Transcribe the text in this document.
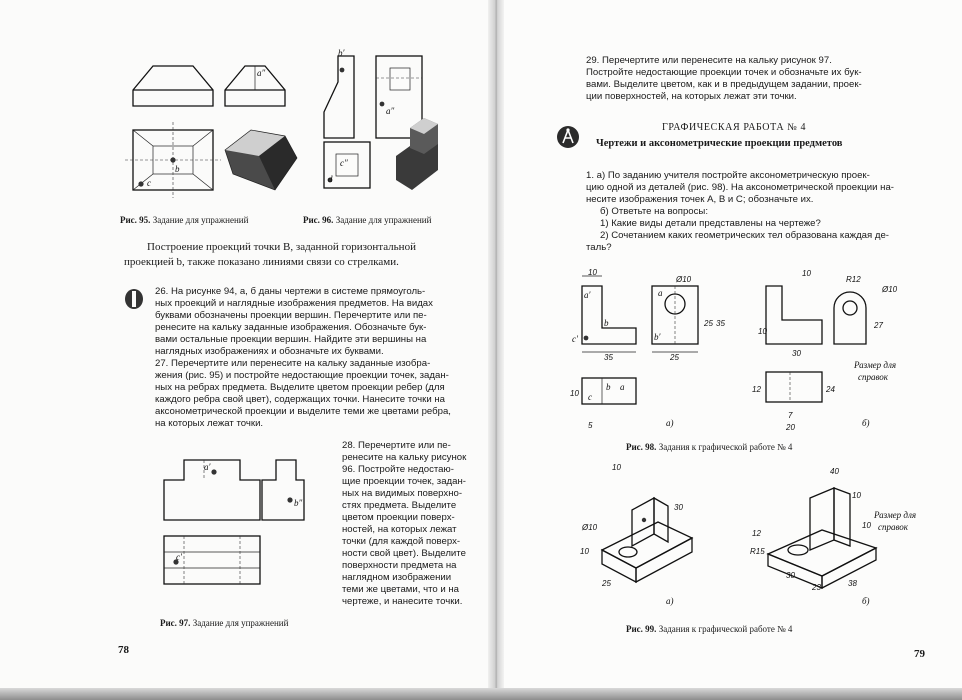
a″
b
c
b′
a″
d
c″
Рис. 95. Задание для упражнений	Рис. 96. Задание для упражнений

Построение проекций точки B, заданной горизонтальной

проекцией b, также показано линиями связи со стрелками.

26. На рисунке 94, а, б даны чертежи в системе прямоуголь-

ных проекций и наглядные изображения предметов. На видах

буквами обозначены проекции вершин. Перечертите или пе-

ренесите на кальку заданные изображения. Обозначьте бук-

вами остальные проекции вершин. Найдите эти вершины на

наглядных изображениях и обозначьте их буквами.

27. Перечертите или перенесите на кальку заданные изобра-

жения (рис. 95) и постройте недостающие проекции точек, задан-

ных на ребрах предмета. Выделите цветом проекции ребер (для

каждого ребра свой цвет), содержащих точки. Нанесите точки на

аксонометрической проекции и выделите теми же цветами ребра,

на которых лежат точки.

a′
b″
c′

28. Перечертите или пе-

ренесите на кальку рисунок

96. Постройте недостаю-

щие проекции точек, задан-

ных на видимых поверхно-

стях предмета. Выделите

цветом проекции поверх-

ностей, на которых лежат

точки (для каждой поверх-

ности свой цвет). Выделите

поверхности предмета на

наглядном изображении

теми же цветами, что и на

чертеже, и нанесите точки.

Рис. 97. Задание для упражнений
78

29. Перечертите или перенесите на кальку рисунок 97.

Постройте недостающие проекции точек и обозначьте их бук-

вами. Выделите цветом, как и в предыдущем задании, проек-

ции поверхностей, на которых лежат эти точки.

ГРАФИЧЕСКАЯ РАБОТА № 4
Чертежи и аксонометрические проекции предметов

1. а) По заданию учителя постройте аксонометрическую проек-

цию одной из деталей (рис. 98). На аксонометрической проекции на-

несите изображения точек A, B и C; обозначьте их.

б) Ответьте на вопросы:

1) Какие виды детали представлены на чертеже?

2) Сочетанием каких геометрических тел образована каждая де-

таль?

10
c′
b
a′
35
Ø10
a
b′
25 35
25
b a
c
10
5	а)
10
10
30
R12
Ø10
27
12	24
7
20	б)
Размер для
справок
Рис. 98. Задания к графической работе № 4
10
Ø10
30
10
25
а)
40
12
R15
10
23	38
30
10
б)
Размер для
справок
Рис. 99. Задания к графической работе № 4
79
